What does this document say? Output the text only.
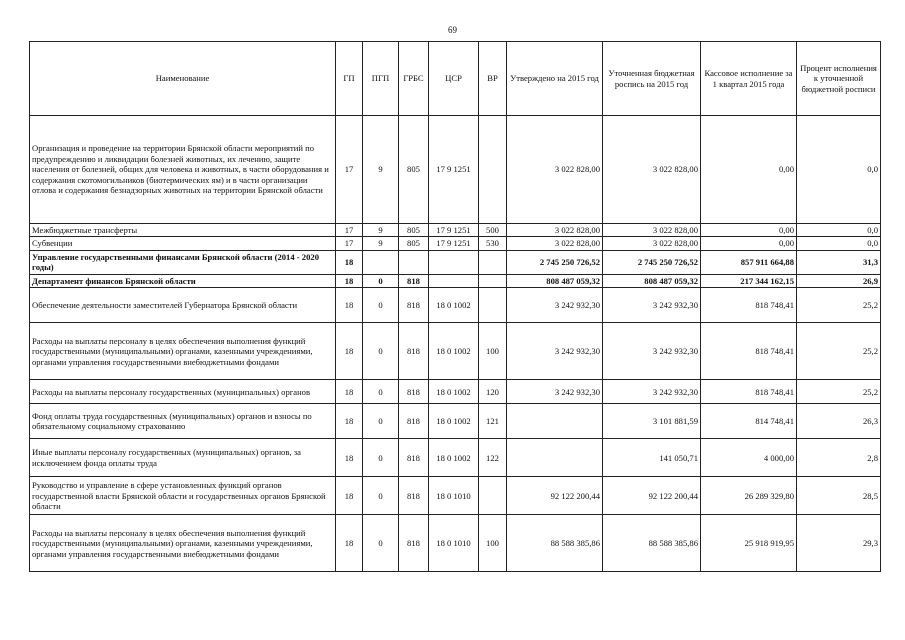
69
Наименование	ГП	ПГП	ГРБС	ЦСР	ВР	Утверждено на 2015 год	Уточненная бюджетная роспись на 2015 год	Кассовое исполнение за 1 квартал 2015 года	Процент исполнения к уточненной бюджетной росписи
Организация и проведение на территории Брянской области мероприятий по предупреждению и ликвидации болезней животных, их лечению, защите населения от болезней, общих для человека и животных, в части оборудования и содержания скотомогильников (биотермических ям) и в части организации отлова и содержания безнадзорных животных на территории Брянской области	17	9	805	17 9 1251		3 022 828,00	3 022 828,00	0,00	0,0
Межбюджетные трансферты	17	9	805	17 9 1251	500	3 022 828,00	3 022 828,00	0,00	0,0
Субвенции	17	9	805	17 9 1251	530	3 022 828,00	3 022 828,00	0,00	0,0
Управление государственными финансами Брянской области (2014 - 2020 годы)	18					2 745 250 726,52	2 745 250 726,52	857 911 664,88	31,3
Департамент финансов Брянской области	18	0	818			808 487 059,32	808 487 059,32	217 344 162,15	26,9
Обеспечение деятельности заместителей Губернатора Брянской области	18	0	818	18 0 1002		3 242 932,30	3 242 932,30	818 748,41	25,2
Расходы на выплаты персоналу в целях обеспечения выполнения функций государственными (муниципальными) органами, казенными учреждениями, органами управления государственными внебюджетными фондами	18	0	818	18 0 1002	100	3 242 932,30	3 242 932,30	818 748,41	25,2
Расходы на выплаты персоналу государственных (муниципальных) органов	18	0	818	18 0 1002	120	3 242 932,30	3 242 932,30	818 748,41	25,2
Фонд оплаты труда государственных (муниципальных) органов и взносы по обязательному социальному страхованию	18	0	818	18 0 1002	121		3 101 881,59	814 748,41	26,3
Иные выплаты персоналу государственных (муниципальных) органов, за исключением фонда оплаты труда	18	0	818	18 0 1002	122		141 050,71	4 000,00	2,8
Руководство и управление в сфере установленных функций органов государственной власти Брянской области и государственных органов Брянской области	18	0	818	18 0 1010		92 122 200,44	92 122 200,44	26 289 329,80	28,5
Расходы на выплаты персоналу в целях обеспечения выполнения функций государственными (муниципальными) органами, казенными учреждениями, органами управления государственными внебюджетными фондами	18	0	818	18 0 1010	100	88 588 385,86	88 588 385,86	25 918 919,95	29,3
